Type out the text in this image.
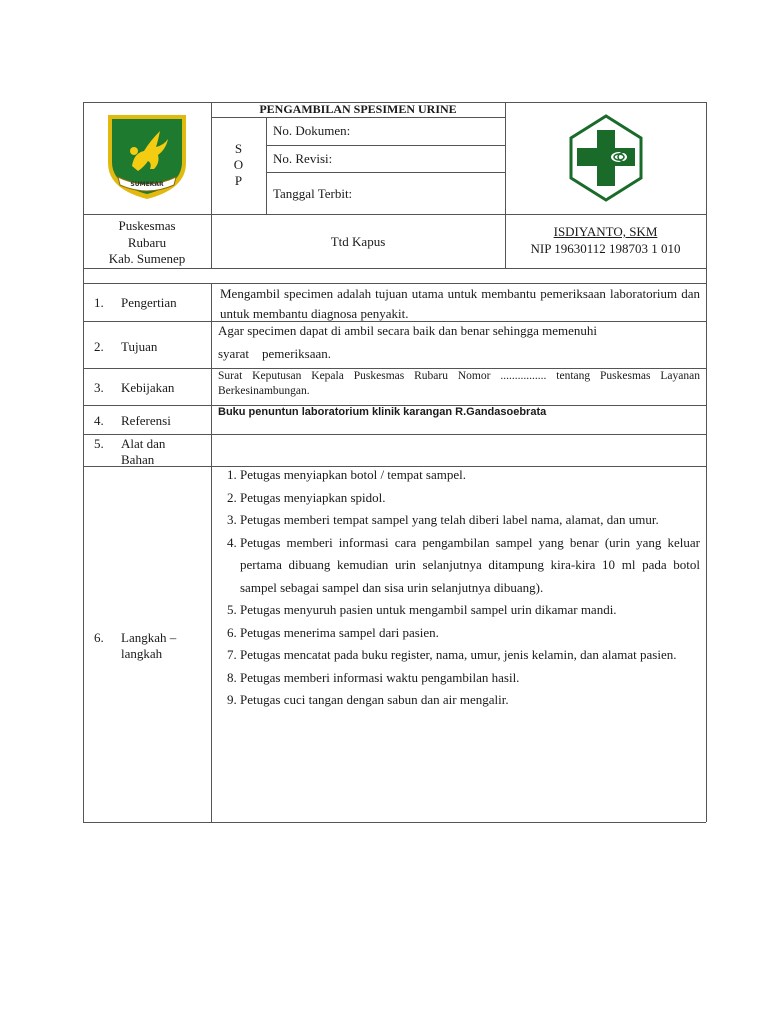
SUMEKAR
PENGAMBILAN SPESIMEN URINE
S
O
P
No. Dokumen:
No. Revisi:
Tanggal Terbit:
Puskesmas
Rubaru
Kab. Sumenep
Ttd Kapus
ISDIYANTO, SKM
NIP 19630112 198703 1 010
1. Pengertian
Mengambil specimen adalah tujuan utama untuk membantu pemeriksaan laboratorium dan untuk membantu diagnosa penyakit.
2. Tujuan
Agar specimen dapat di ambil secara baik dan benar sehingga memenuhi
syarat    pemeriksaan.
3. Kebijakan
Surat Keputusan Kepala Puskesmas Rubaru Nomor ................ tentang Puskesmas Layanan Berkesinambungan.
4. Referensi
Buku penuntun laboratorium klinik karangan R.Gandasoebrata
5. Alat dan
Bahan
6. Langkah –
langkah
1. Petugas menyiapkan botol / tempat sampel.
2. Petugas menyiapkan spidol.
3. Petugas memberi tempat sampel yang telah diberi label nama, alamat, dan umur.
4. Petugas memberi informasi cara pengambilan sampel yang benar (urin yang keluar pertama dibuang kemudian urin selanjutnya ditampung kira-kira 10 ml pada botol sampel sebagai sampel dan sisa urin selanjutnya dibuang).
5. Petugas menyuruh pasien untuk mengambil sampel urin dikamar mandi.
6. Petugas menerima sampel dari pasien.
7. Petugas mencatat pada buku register, nama, umur, jenis kelamin, dan alamat pasien.
8. Petugas memberi informasi waktu pengambilan hasil.
9. Petugas cuci tangan dengan sabun dan air mengalir.
